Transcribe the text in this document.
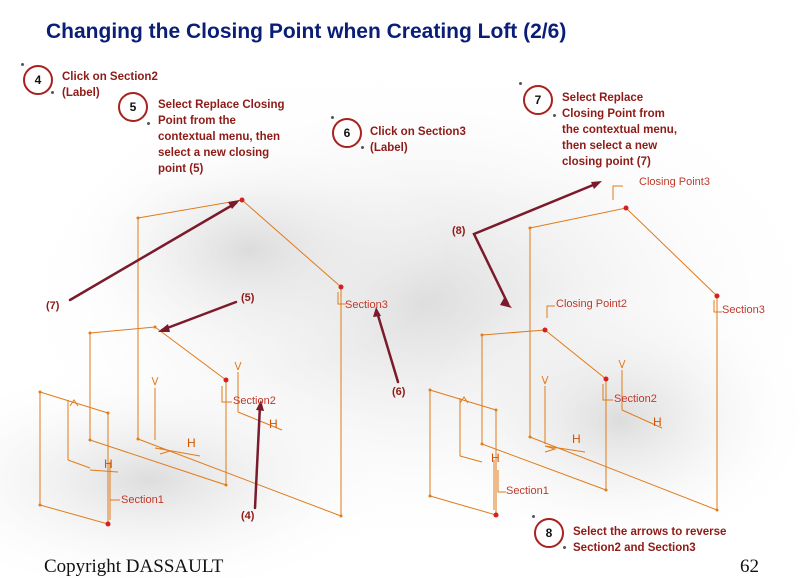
Changing the Closing Point when Creating Loft (2/6)
4	Click on Section2
(Label)
5	Select Replace Closing
Point from the
contextual menu, then
select a new closing
point (5)
6	Click on Section3
(Label)
7	Select Replace
Closing Point from
the contextual menu,
then select a new
closing point (7)
8	Select the arrows to reverse
Section2 and Section3
(7)
(5)
(4)
(6)
(8)
H
H
H
H
H
H
Section3
Section2
Section1
Section3
Section2
Section1
Closing Point2
Closing Point3
Copyright DASSAULT	62
